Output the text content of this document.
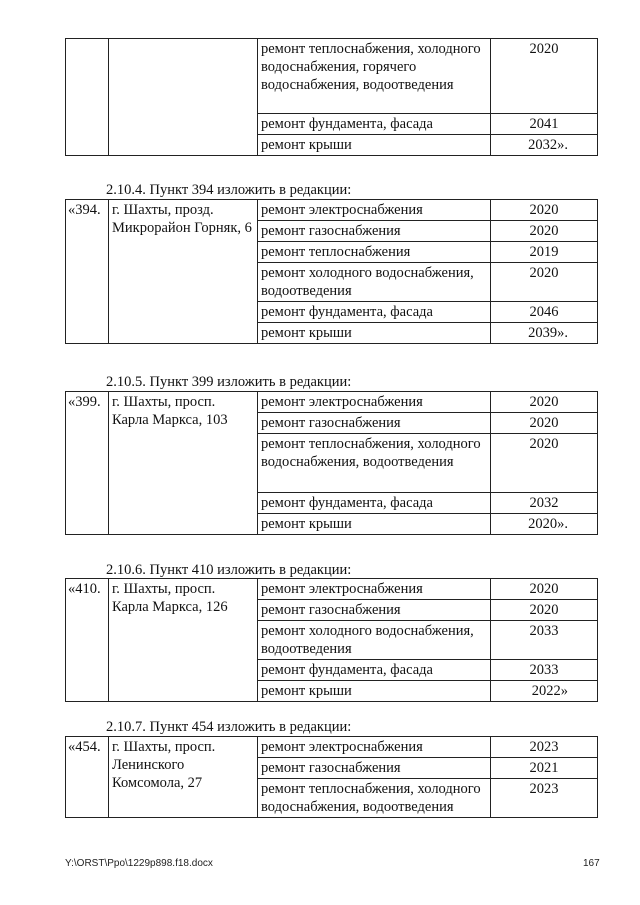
		ремонт теплоснабжения, холодного водоснабжения, горячего водоснабжения, водоотведения	2020
		ремонт фундамента, фасада	2041
		ремонт крыши	2032».
2.10.4. Пункт 394 изложить в редакции:
«394.	г. Шахты, прозд. Микрорайон Горняк, 6	ремонт электроснабжения	2020
		ремонт газоснабжения	2020
		ремонт теплоснабжения	2019
		ремонт холодного водоснабжения, водоотведения	2020
		ремонт фундамента, фасада	2046
		ремонт крыши	2039».
2.10.5. Пункт 399 изложить в редакции:
«399.	г. Шахты, просп. Карла Маркса, 103	ремонт электроснабжения	2020
		ремонт газоснабжения	2020
		ремонт теплоснабжения, холодного водоснабжения, водоотведения	2020
		ремонт фундамента, фасада	2032
		ремонт крыши	2020».
2.10.6. Пункт 410 изложить в редакции:
«410.	г. Шахты, просп. Карла Маркса, 126	ремонт электроснабжения	2020
		ремонт газоснабжения	2020
		ремонт холодного водоснабжения, водоотведения	2033
		ремонт фундамента, фасада	2033
		ремонт крыши	2022»
2.10.7. Пункт 454 изложить в редакции:
«454.	г. Шахты, просп. Ленинского Комсомола, 27	ремонт электроснабжения	2023
		ремонт газоснабжения	2021
		ремонт теплоснабжения, холодного водоснабжения, водоотведения	2023
Y:\ORST\Ppo\1229p898.f18.docx	167
